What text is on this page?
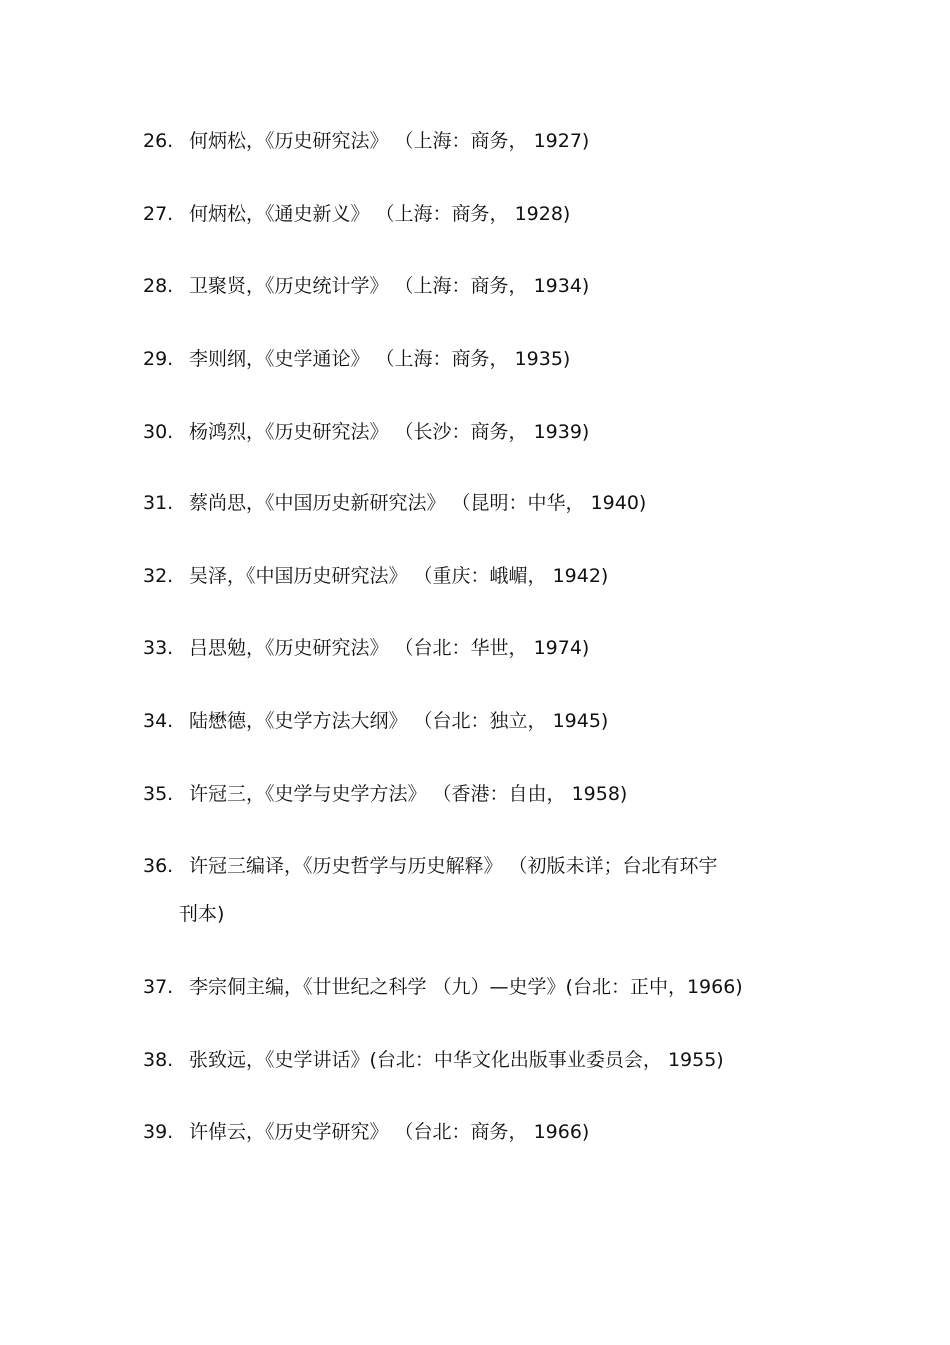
26. 何炳松，《历史研究法》 （上海：商务， 1927)
27. 何炳松，《通史新义》 （上海：商务， 1928)
28. 卫聚贤，《历史统计学》 （上海：商务， 1934)
29. 李则纲，《史学通论》 （上海：商务， 1935)
30. 杨鸿烈，《历史研究法》 （长沙：商务， 1939)
31. 蔡尚思，《中国历史新研究法》 （昆明：中华， 1940)
32. 吴泽，《中国历史研究法》 （重庆：峨嵋， 1942)
33. 吕思勉，《历史研究法》 （台北：华世， 1974)
34. 陆懋德，《史学方法大纲》 （台北：独立， 1945)
35. 许冠三，《史学与史学方法》 （香港：自由， 1958)
36. 许冠三编译，《历史哲学与历史解释》 （初版未详；台北有环宇
刊本)
37. 李宗侗主编，《廿世纪之科学 （九）—史学》(台北：正中，1966)
38. 张致远，《史学讲话》(台北：中华文化出版事业委员会， 1955)
39. 许倬云，《历史学研究》 （台北：商务， 1966)
